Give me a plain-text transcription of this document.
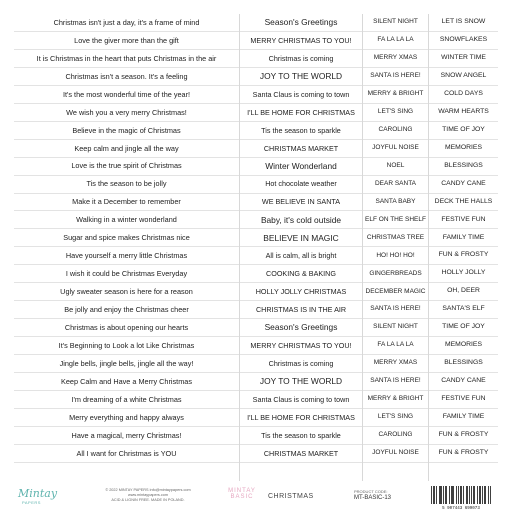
Christmas isn't just a day, it's a frame of mind
Love the giver more than the gift
It is Christmas in the heart that puts Christmas in the air
Christmas isn't a season. It's a feeling
It's the most wonderful time of the year!
We wish you a very merry Christmas!
Believe in the magic of Christmas
Keep calm and jingle all the way
Love is the true spirit of Christmas
Tis the season to be jolly
Make it a December to remember
Walking in a winter wonderland
Sugar and spice makes Christmas nice
Have yourself a merry little Christmas
I wish it could be Christmas Everyday
Ugly sweater season is here for a reason
Be jolly and enjoy the Christmas cheer
Christmas is about opening our hearts
It's Beginning to Look a lot Like Christmas
Jingle bells, jingle bells, jingle all the way!
Keep Calm and Have a Merry Christmas
I'm dreaming of a white Christmas
Merry everything and happy always
Have a magical, merry Christmas!
All I want for Christmas is YOU
Season's Greetings
MERRY CHRISTMAS TO YOU!
Christmas is coming
JOY TO THE WORLD
Santa Claus is coming to town
I'LL BE HOME FOR CHRISTMAS
Tis the season to sparkle
CHRISTMAS MARKET
Winter Wonderland
Hot chocolate weather
WE BELIEVE IN SANTA
Baby, it's cold outside
BELIEVE IN MAGIC
All is calm, all is bright
COOKING & BAKING
HOLLY JOLLY CHRISTMAS
CHRISTMAS IS IN THE AIR
Season's Greetings
MERRY CHRISTMAS TO YOU!
Christmas is coming
JOY TO THE WORLD
Santa Claus is coming to town
I'LL BE HOME FOR CHRISTMAS
Tis the season to sparkle
CHRISTMAS MARKET
SILENT NIGHT
FA LA LA LA
MERRY XMAS
SANTA IS HERE!
MERRY & BRIGHT
LET'S SING
CAROLING
JOYFUL NOISE
NOEL
DEAR SANTA
SANTA BABY
ELF ON THE SHELF
CHRISTMAS TREE
HO! HO! HO!
GINGERBREADS
DECEMBER MAGIC
SANTA IS HERE!
SILENT NIGHT
FA LA LA LA
MERRY XMAS
SANTA IS HERE!
MERRY & BRIGHT
LET'S SING
CAROLING
JOYFUL NOISE
LET IS SNOW
SNOWFLAKES
WINTER TIME
SNOW ANGEL
COLD DAYS
WARM HEARTS
TIME OF JOY
MEMORIES
BLESSINGS
CANDY CANE
DECK THE HALLS
FESTIVE FUN
FAMILY TIME
FUN & FROSTY
HOLLY JOLLY
OH, DEER
SANTA'S ELF
TIME OF JOY
MEMORIES
BLESSINGS
CANDY CANE
FESTIVE FUN
FAMILY TIME
FUN & FROSTY
FUN & FROSTY
Mintay
PAPERS
© 2022 MINTAY PAPERS info@mintaypapers.com
www.mintaypapers.com
ACID & LIGNIN FREE. MADE IN POLAND.
MINTAY
BASIC	CHRISTMAS
PRODUCT CODE:
MT-BASIC-13
5 907443 699073
